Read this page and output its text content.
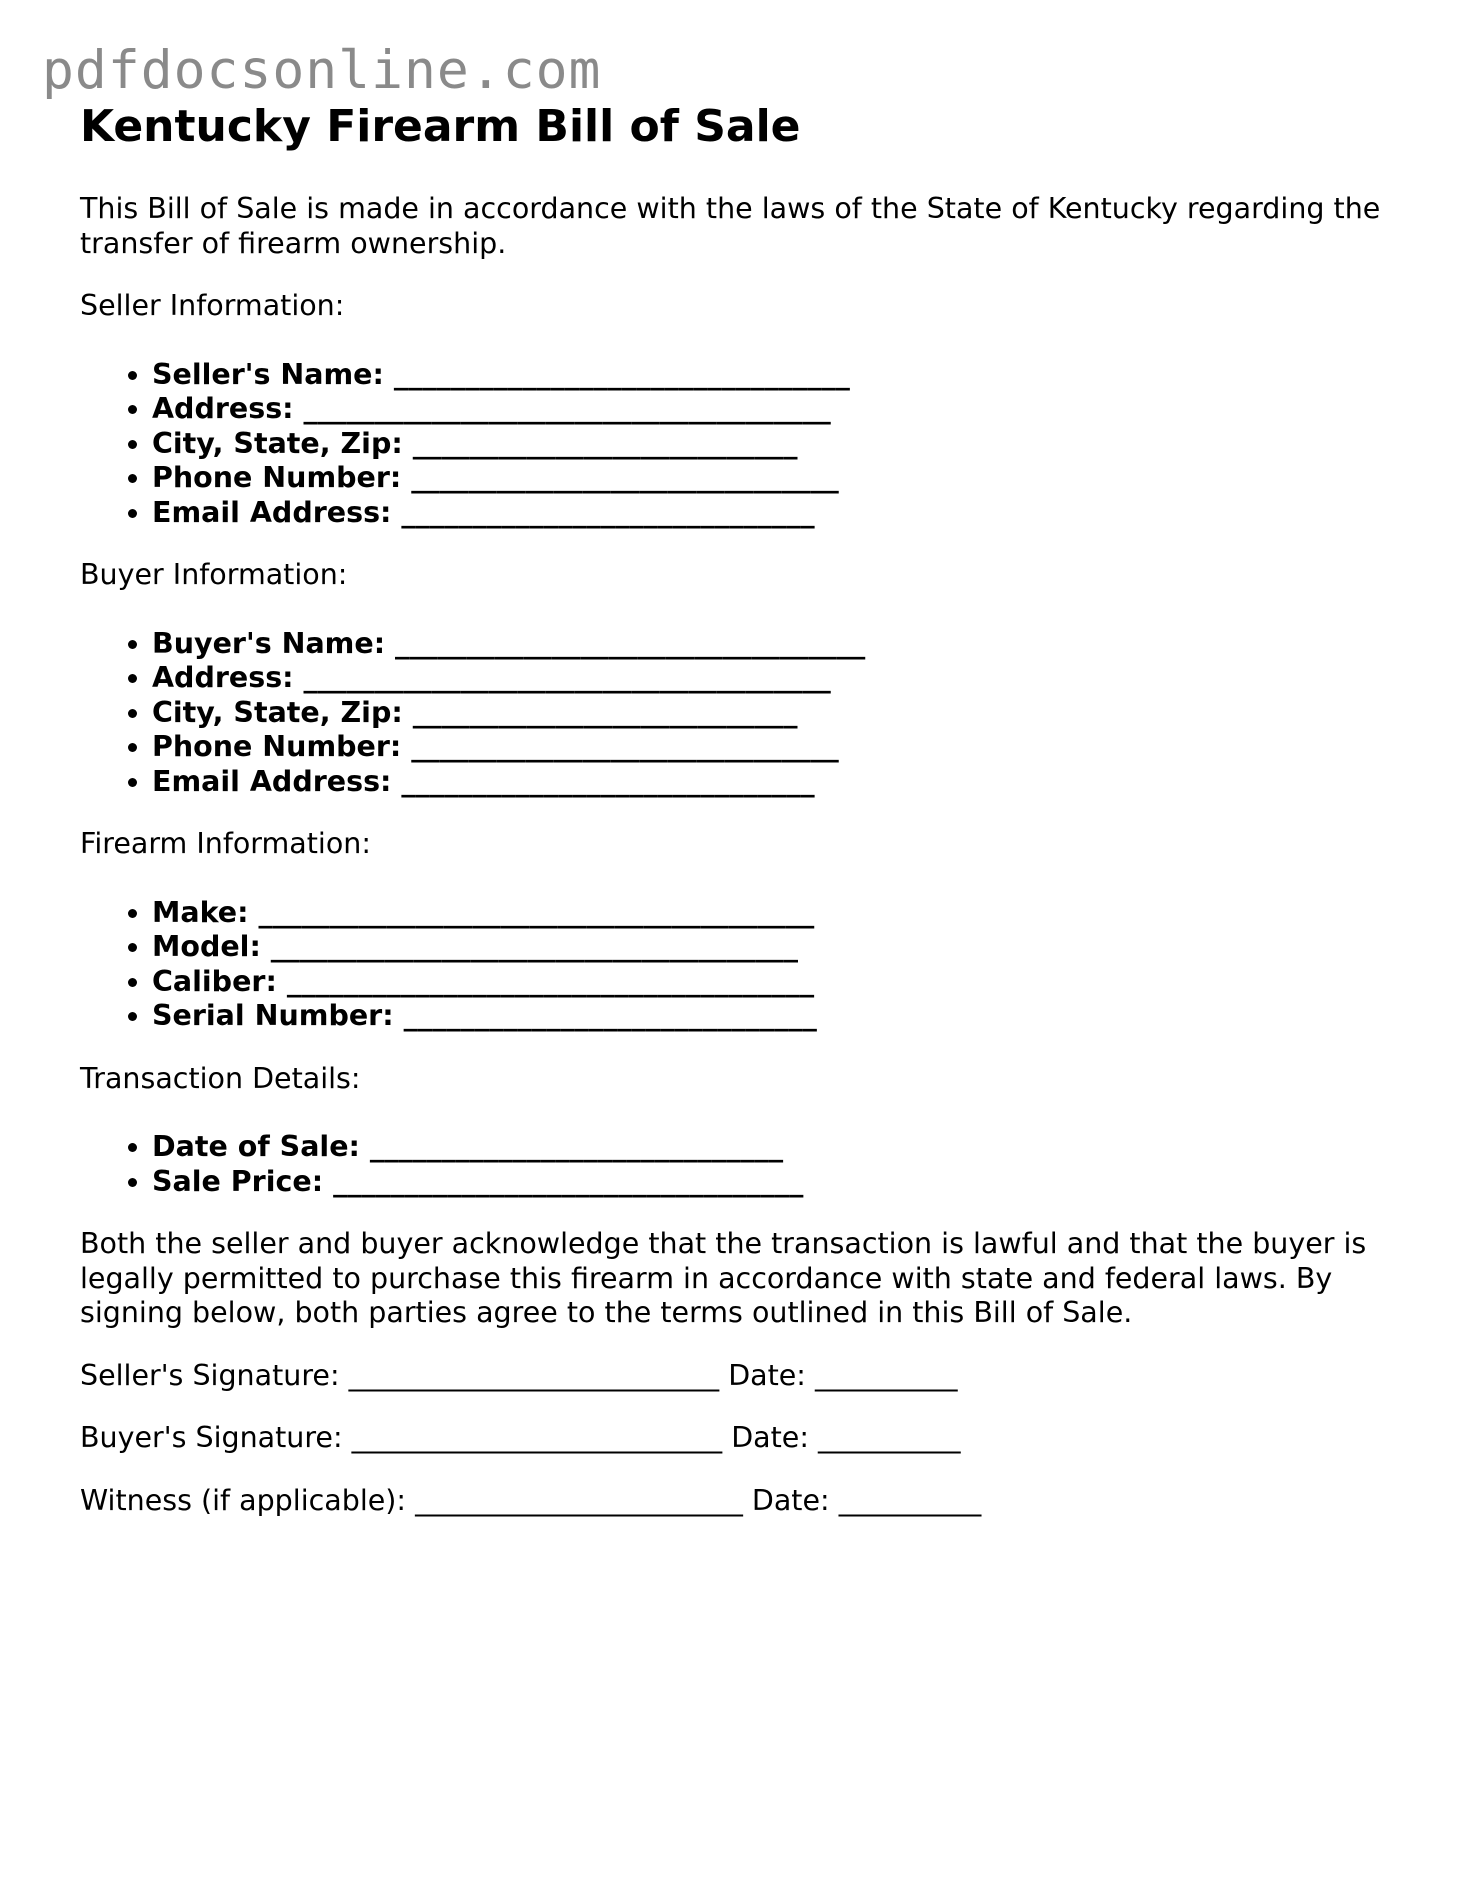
pdfdocsonline.com
Kentucky Firearm Bill of Sale

This Bill of Sale is made in accordance with the laws of the State of Kentucky regarding the transfer of firearm ownership.

Seller Information:

• Seller's Name: ________________________________
• Address: _____________________________________
• City, State, Zip: ___________________________
• Phone Number: ______________________________
• Email Address: _____________________________

Buyer Information:

• Buyer's Name: _________________________________
• Address: _____________________________________
• City, State, Zip: ___________________________
• Phone Number: ______________________________
• Email Address: _____________________________

Firearm Information:

• Make: _______________________________________
• Model: _____________________________________
• Caliber: _____________________________________
• Serial Number: _____________________________

Transaction Details:

• Date of Sale: _____________________________
• Sale Price: _________________________________

Both the seller and buyer acknowledge that the transaction is lawful and that the buyer is legally permitted to purchase this firearm in accordance with state and federal laws. By signing below, both parties agree to the terms outlined in this Bill of Sale.

Seller's Signature: __________________________ Date: __________
Buyer's Signature: __________________________ Date: __________
Witness (if applicable): _______________________ Date: __________
